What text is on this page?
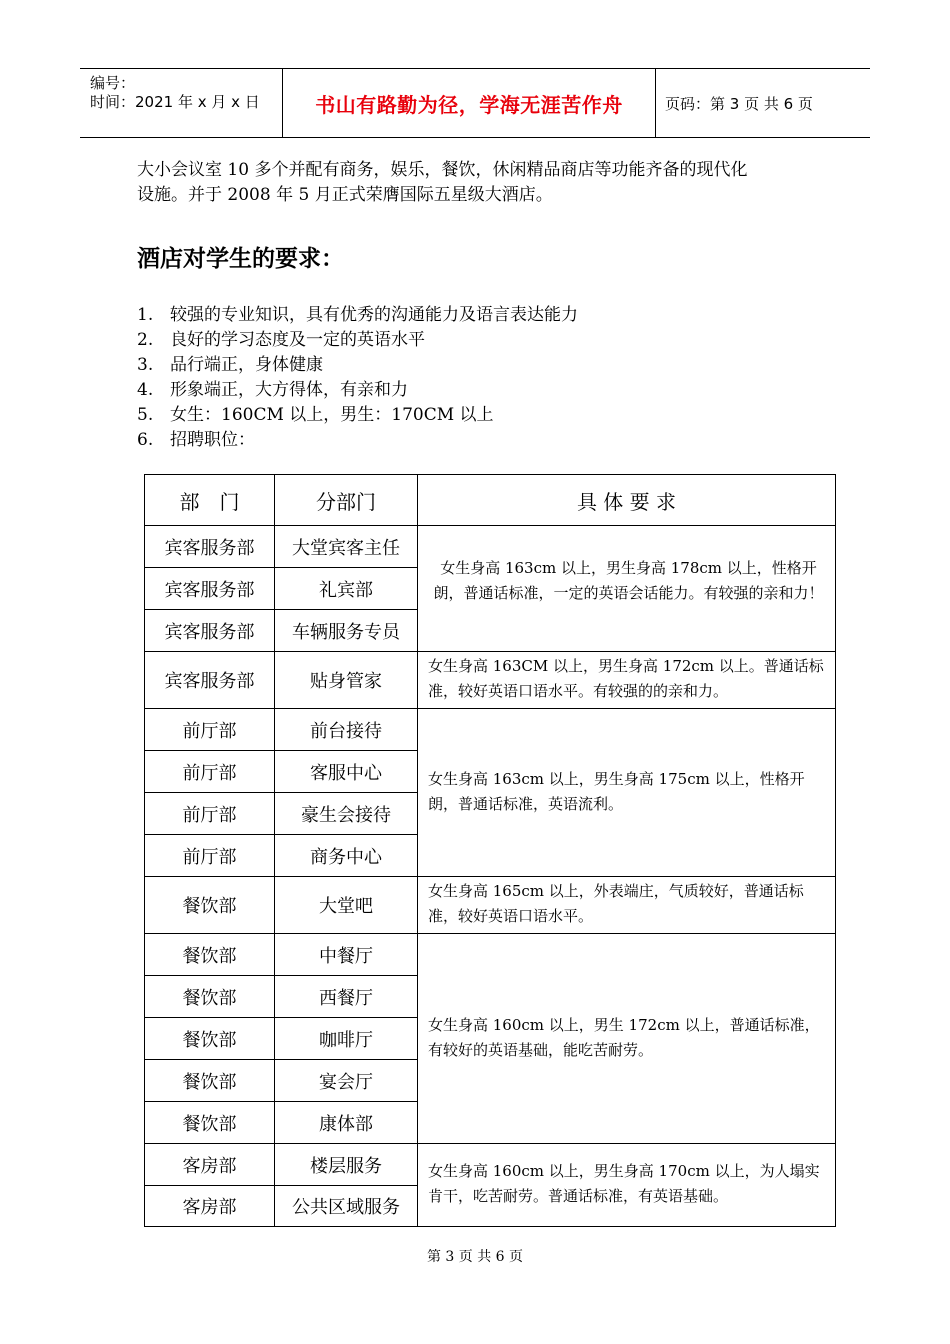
编号：
时间：2021 年 x 月 x 日	书山有路勤为径，学海无涯苦作舟	页码：第 3 页 共 6 页

大小会议室 10 多个并配有商务，娱乐，餐饮，休闲精品商店等功能齐备的现代化

设施。并于 2008 年 5 月正式荣膺国际五星级大酒店。

酒店对学生的要求：
1. 较强的专业知识，具有优秀的沟通能力及语言表达能力
2. 良好的学习态度及一定的英语水平
3. 品行端正，身体健康
4. 形象端正，大方得体，有亲和力
5. 女生：160CM 以上，男生：170CM 以上
6. 招聘职位：
部　门	分部门	具 体 要 求
宾客服务部	大堂宾客主任	女生身高 163cm 以上，男生身高 178cm 以上，性格开朗，普通话标准，一定的英语会话能力。有较强的亲和力！
宾客服务部	礼宾部	
宾客服务部	车辆服务专员	
宾客服务部	贴身管家	女生身高 163CM 以上，男生身高 172cm 以上。普通话标准，较好英语口语水平。有较强的的亲和力。
前厅部	前台接待	女生身高 163cm 以上，男生身高 175cm 以上，性格开朗，普通话标准，英语流利。
前厅部	客服中心	
前厅部	豪生会接待	
前厅部	商务中心	
餐饮部	大堂吧	女生身高 165cm 以上，外表端庄，气质较好，普通话标准，较好英语口语水平。
餐饮部	中餐厅	女生身高 160cm 以上，男生 172cm 以上，普通话标准，有较好的英语基础，能吃苦耐劳。
餐饮部	西餐厅	
餐饮部	咖啡厅	
餐饮部	宴会厅	
餐饮部	康体部	
客房部	楼层服务	女生身高 160cm 以上，男生身高 170cm 以上，为人塌实肯干，吃苦耐劳。普通话标准，有英语基础。
客房部	公共区域服务	
第 3 页 共 6 页
